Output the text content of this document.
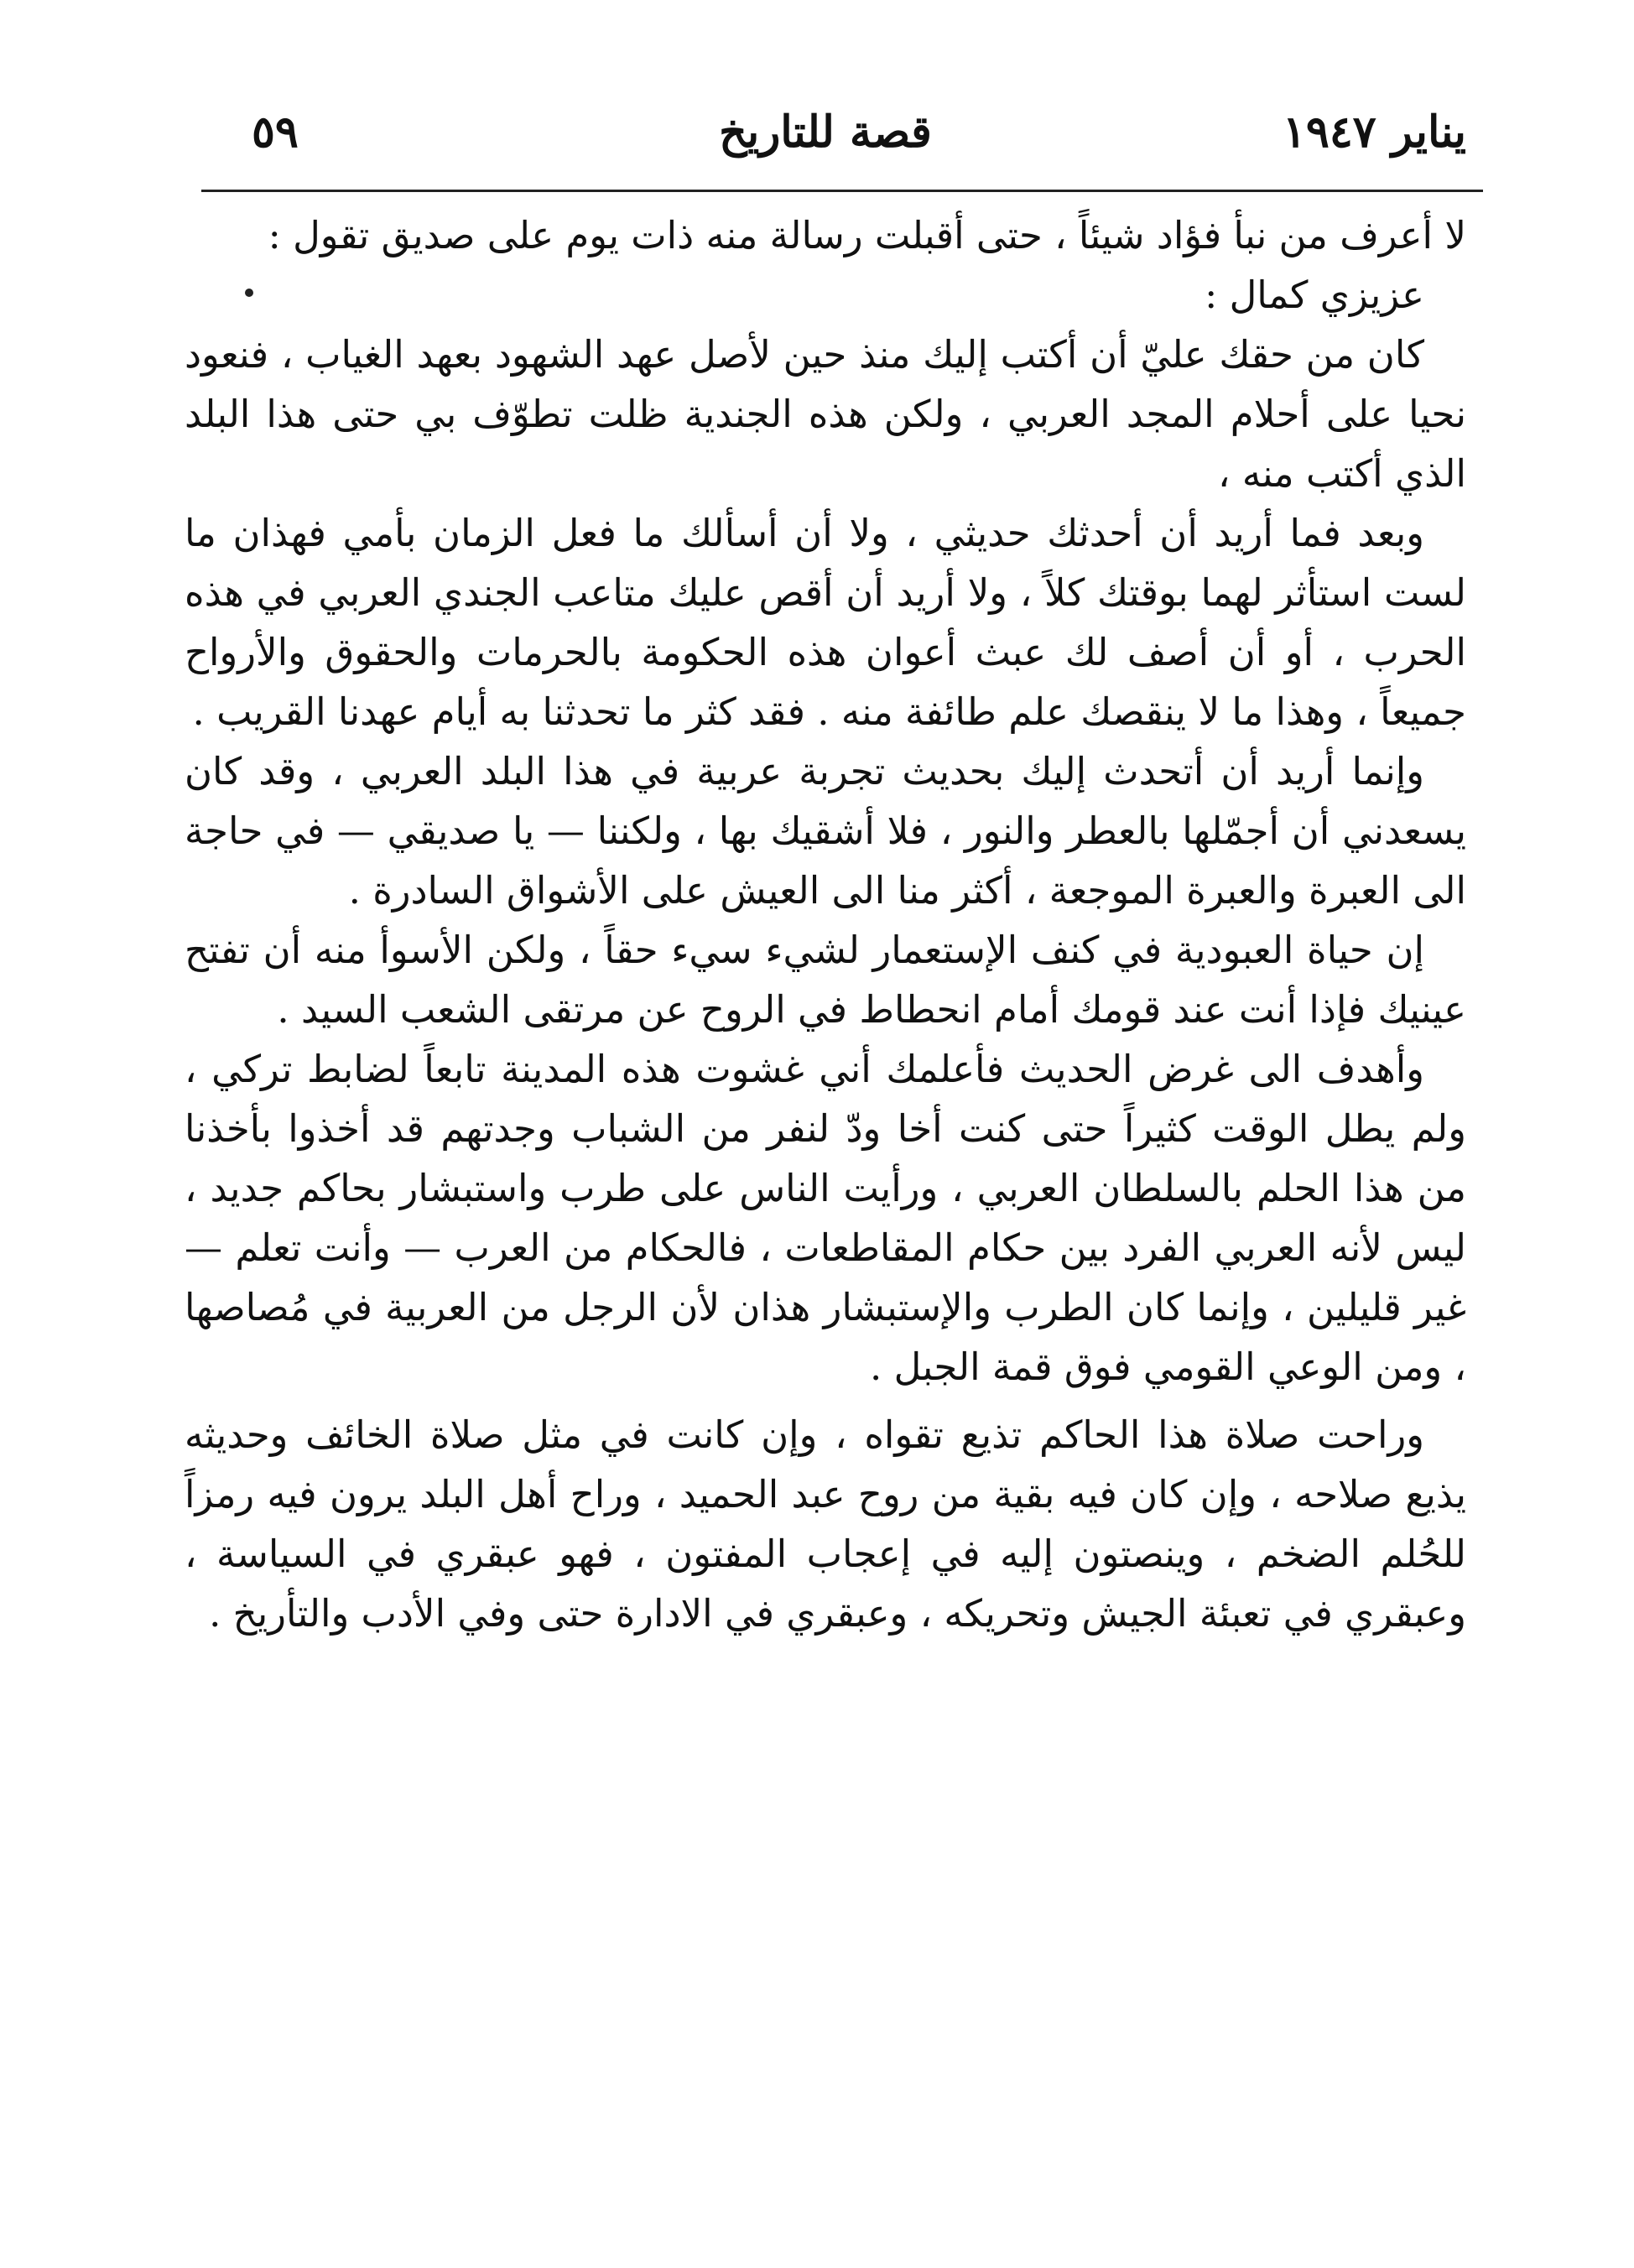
يناير ١٩٤٧
قصة للتاريخ
٥٩

لا أعرف من نبأ فؤاد شيئاً ، حتى أقبلت رسالة منه ذات يوم على صديق تقول :

عزيزي كمال :

كان من حقك عليّ أن أكتب إليك منذ حين لأصل عهد الشهود بعهد الغياب ، فنعود نحيا على أحلام المجد العربي ، ولكن هذه الجندية ظلت تطوّف بي حتى هذا البلد الذي أكتب منه ،

وبعد فما أريد أن أحدثك حديثي ، ولا أن أسألك ما فعل الزمان بأمي فهذان ما لست استأثر لهما بوقتك كلاً ، ولا أريد أن أقص عليك متاعب الجندي العربي في هذه الحرب ، أو أن أصف لك عبث أعوان هذه الحكومة بالحرمات والحقوق والأرواح جميعاً ، وهذا ما لا ينقصك علم طائفة منه . فقد كثر ما تحدثنا به أيام عهدنا القريب .

وإنما أريد أن أتحدث إليك بحديث تجربة عربية في هذا البلد العربي ، وقد كان يسعدني أن أجمّلها بالعطر والنور ، فلا أشقيك بها ، ولكننا — يا صديقي — في حاجة الى العبرة والعبرة الموجعة ، أكثر منا الى العيش على الأشواق السادرة .

إن حياة العبودية في كنف الإستعمار لشيء سيء حقاً ، ولكن الأسوأ منه أن تفتح عينيك فإذا أنت عند قومك أمام انحطاط في الروح عن مرتقى الشعب السيد .

وأهدف الى غرض الحديث فأعلمك أني غشوت هذه المدينة تابعاً لضابط تركي ، ولم يطل الوقت كثيراً حتى كنت أخا ودّ لنفر من الشباب وجدتهم قد أخذوا بأخذنا من هذا الحلم بالسلطان العربي ، ورأيت الناس على طرب واستبشار بحاكم جديد ، ليس لأنه العربي الفرد بين حكام المقاطعات ، فالحكام من العرب — وأنت تعلم — غير قليلين ، وإنما كان الطرب والإستبشار هذان لأن الرجل من العربية في مُصاصها ، ومن الوعي القومي فوق قمة الجبل .

وراحت صلاة هذا الحاكم تذيع تقواه ، وإن كانت في مثل صلاة الخائف وحديثه يذيع صلاحه ، وإن كان فيه بقية من روح عبد الحميد ، وراح أهل البلد يرون فيه رمزاً للحُلم الضخم ، وينصتون إليه في إعجاب المفتون ، فهو عبقري في السياسة ، وعبقري في تعبئة الجيش وتحريكه ، وعبقري في الادارة حتى وفي الأدب والتأريخ .
